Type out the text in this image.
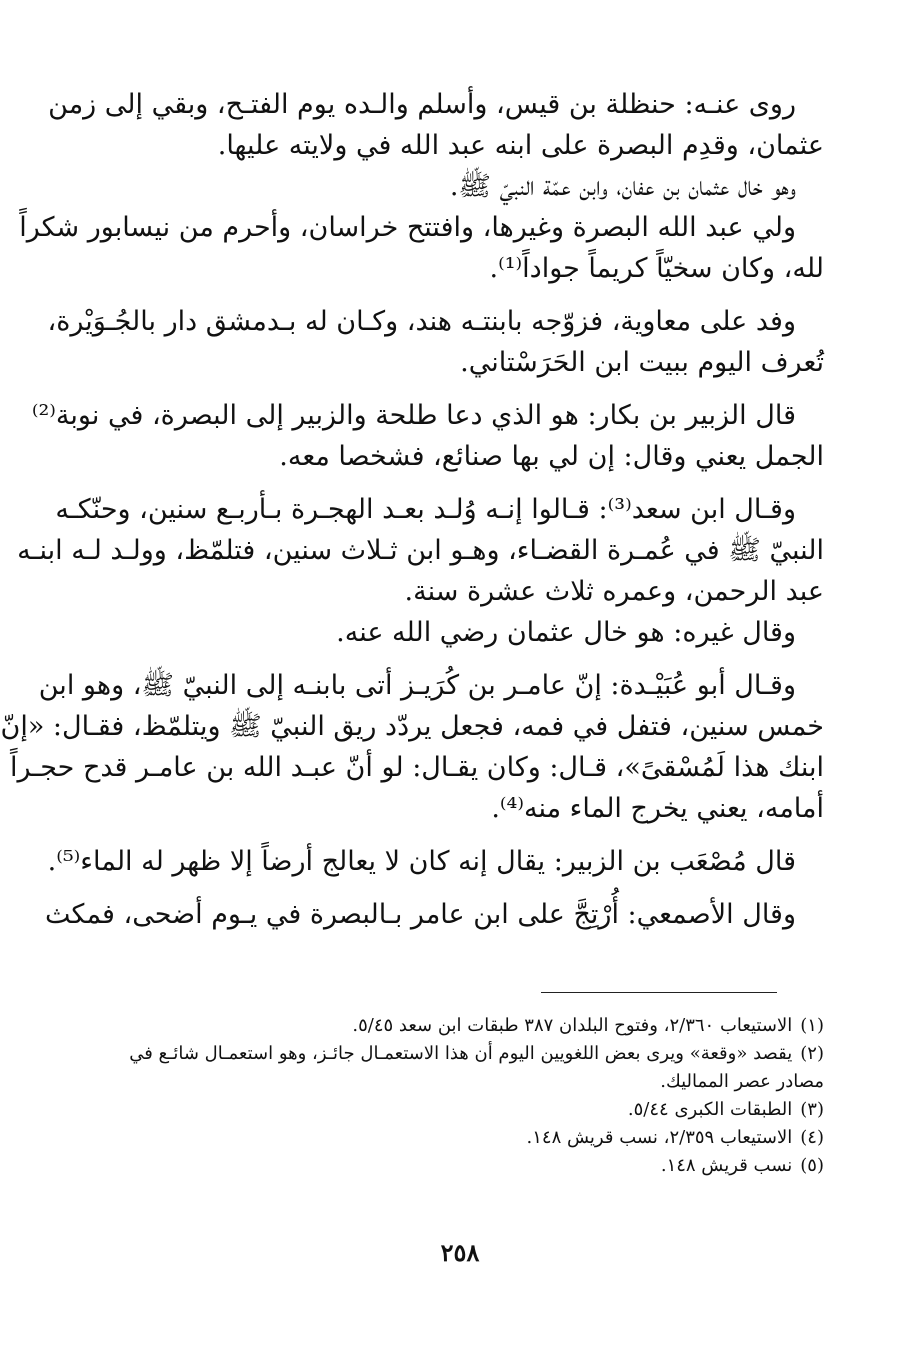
روى عنـه: حنظلة بن قيس، وأسلم والـده يوم الفتـح، وبقي إلى زمن
عثمان، وقدِم البصرة على ابنه عبد الله في ولايته عليها.
وهو خال عثمان بن عفان، وابن عمّة النبيّ ﷺ.
ولي عبد الله البصرة وغيرها، وافتتح خراسان، وأحرم من نيسابور شكراً
لله، وكان سخيّاً كريماً جواداً⁽¹⁾.
وفد على معاوية، فزوّجه بابنتـه هند، وكـان له بـدمشق دار بالجُـوَيْرة،
تُعرف اليوم ببيت ابن الحَرَسْتاني.
قال الزبير بن بكار: هو الذي دعا طلحة والزبير إلى البصرة، في نوبة⁽²⁾
الجمل يعني وقال: إن لي بها صنائع، فشخصا معه.
وقـال ابن سعد⁽³⁾: قـالوا إنـه وُلـد بعـد الهجـرة بـأربـع سنين، وحنّكـه
النبيّ ﷺ في عُمـرة القضـاء، وهـو ابن ثـلاث سنين، فتلمّظ، وولـد لـه ابنـه
عبد الرحمن، وعمره ثلاث عشرة سنة.
وقال غيره: هو خال عثمان رضي الله عنه.
وقـال أبو عُبَيْـدة: إنّ عامـر بن كُرَيـز أتى بابنـه إلى النبيّ ﷺ، وهو ابن
خمس سنين، فتفل في فمه، فجعل يردّد ريق النبيّ ﷺ ويتلمّظ، فقـال: «إنّ
ابنك هذا لَمُسْقىً»، قـال: وكان يقـال: لو أنّ عبـد الله بن عامـر قدح حجـراً
أمامه، يعني يخرج الماء منه⁽⁴⁾.
قال مُصْعَب بن الزبير: يقال إنه كان لا يعالج أرضاً إلا ظهر له الماء⁽⁵⁾.
وقال الأصمعي: أُرْتِجَّ على ابن عامر بـالبصرة في يـوم أضحى، فمكث
(١)الاستيعاب ٢/٣٦٠، وفتوح البلدان ٣٨٧ طبقات ابن سعد ٥/٤٥.
(٢)يقصد «وقعة» ويرى بعض اللغويين اليوم أن هذا الاستعمـال جائـز، وهو استعمـال شائـع في
مصادر عصر المماليك.
(٣)الطبقات الكبرى ٥/٤٤.
(٤)الاستيعاب ٢/٣٥٩، نسب قريش ١٤٨.
(٥)نسب قريش ١٤٨.
٢٥٨
